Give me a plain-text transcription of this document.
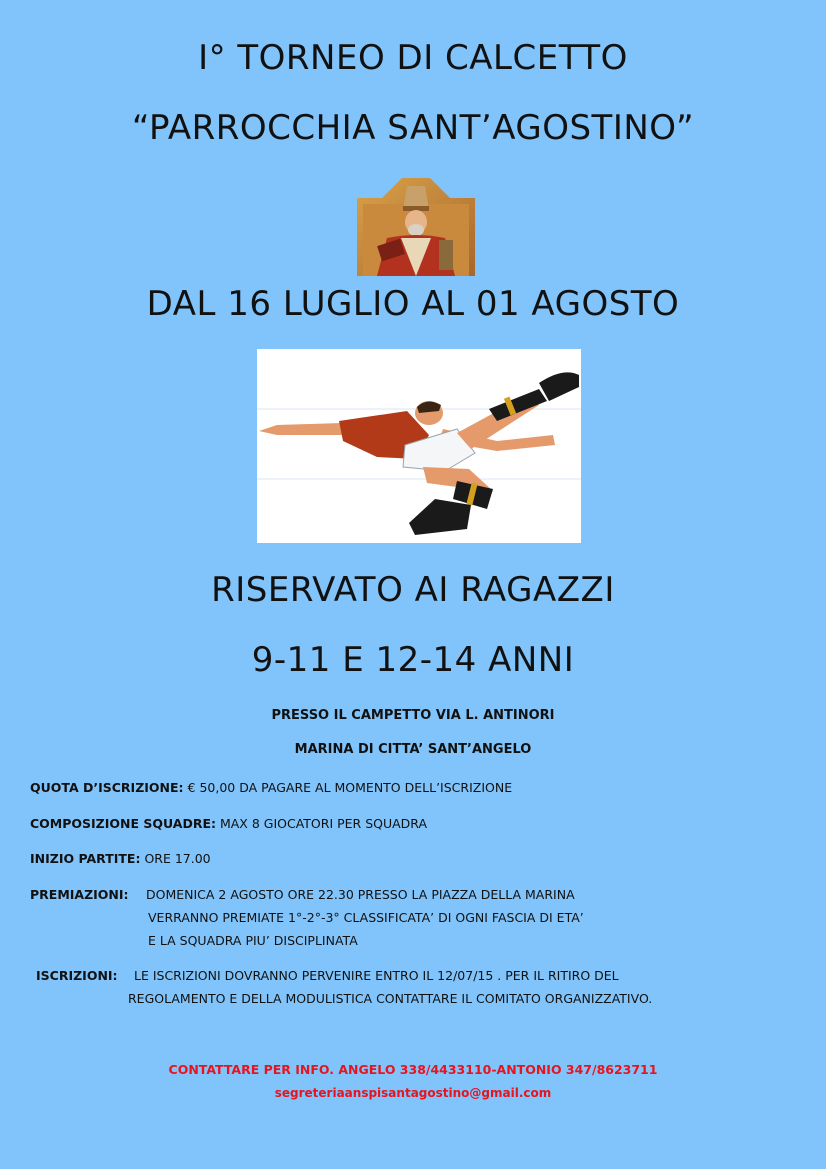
I° TORNEO DI CALCETTO
“PARROCCHIA SANT’AGOSTINO”
DAL 16 LUGLIO AL 01 AGOSTO
RISERVATO AI RAGAZZI
9-11 E 12-14 ANNI
PRESSO IL CAMPETTO VIA L. ANTINORI
MARINA DI CITTA’ SANT’ANGELO
QUOTA D’ISCRIZIONE: € 50,00 DA PAGARE AL MOMENTO DELL’ISCRIZIONE
COMPOSIZIONE SQUADRE: MAX 8 GIOCATORI PER SQUADRA
INIZIO PARTITE: ORE 17.00
PREMIAZIONI: DOMENICA 2 AGOSTO ORE 22.30 PRESSO LA PIAZZA DELLA MARINA
VERRANNO PREMIATE 1°-2°-3° CLASSIFICATA’ DI OGNI FASCIA DI ETA’
E LA SQUADRA PIU’ DISCIPLINATA
ISCRIZIONI: LE ISCRIZIONI DOVRANNO PERVENIRE ENTRO IL 12/07/15 . PER IL RITIRO DEL
REGOLAMENTO E DELLA MODULISTICA CONTATTARE IL COMITATO ORGANIZZATIVO.
CONTATTARE PER INFO. ANGELO 338/4433110-ANTONIO 347/8623711
segreteriaanspisantagostino@gmail.com
